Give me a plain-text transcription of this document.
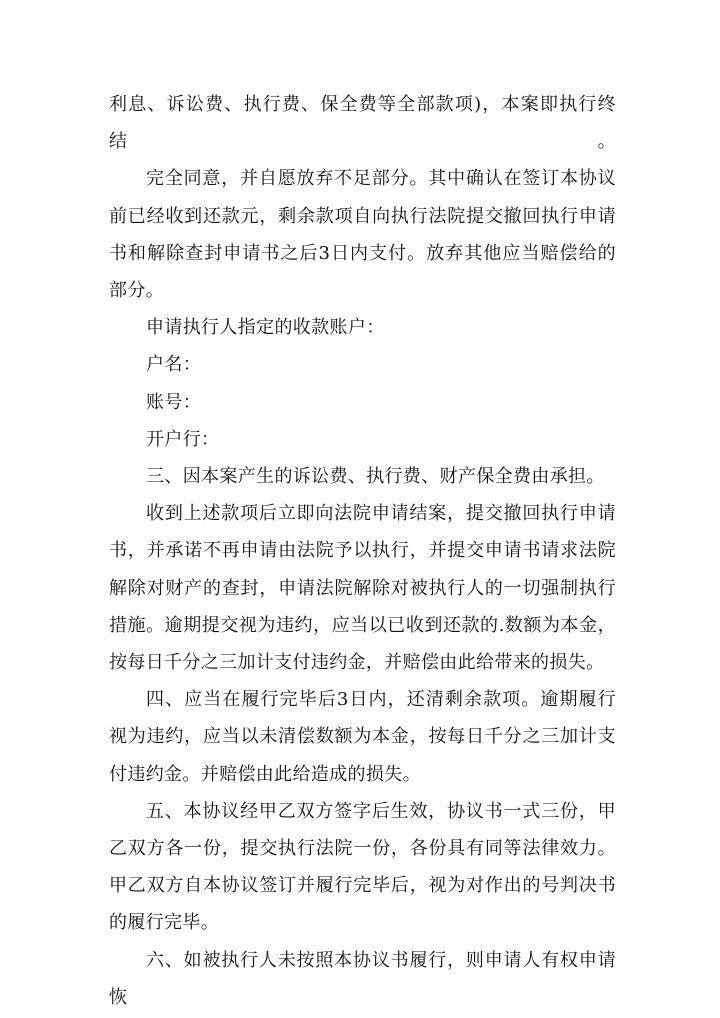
利息、诉讼费、执行费、保全费等全部款项)，本案即执行终结。

完全同意，并自愿放弃不足部分。其中确认在签订本协议前已经收到还款元，剩余款项自向执行法院提交撤回执行申请书和解除查封申请书之后3日内支付。放弃其他应当赔偿给的部分。

申请执行人指定的收款账户：

户名：

账号：

开户行：

三、因本案产生的诉讼费、执行费、财产保全费由承担。

收到上述款项后立即向法院申请结案，提交撤回执行申请书，并承诺不再申请由法院予以执行，并提交申请书请求法院解除对财产的查封，申请法院解除对被执行人的一切强制执行措施。逾期提交视为违约，应当以已收到还款的.数额为本金，按每日千分之三加计支付违约金，并赔偿由此给带来的损失。

四、应当在履行完毕后3日内，还清剩余款项。逾期履行视为违约，应当以未清偿数额为本金，按每日千分之三加计支付违约金。并赔偿由此给造成的损失。

五、本协议经甲乙双方签字后生效，协议书一式三份，甲乙双方各一份，提交执行法院一份，各份具有同等法律效力。甲乙双方自本协议签订并履行完毕后，视为对作出的号判决书的履行完毕。

六、如被执行人未按照本协议书履行，则申请人有权申请恢
